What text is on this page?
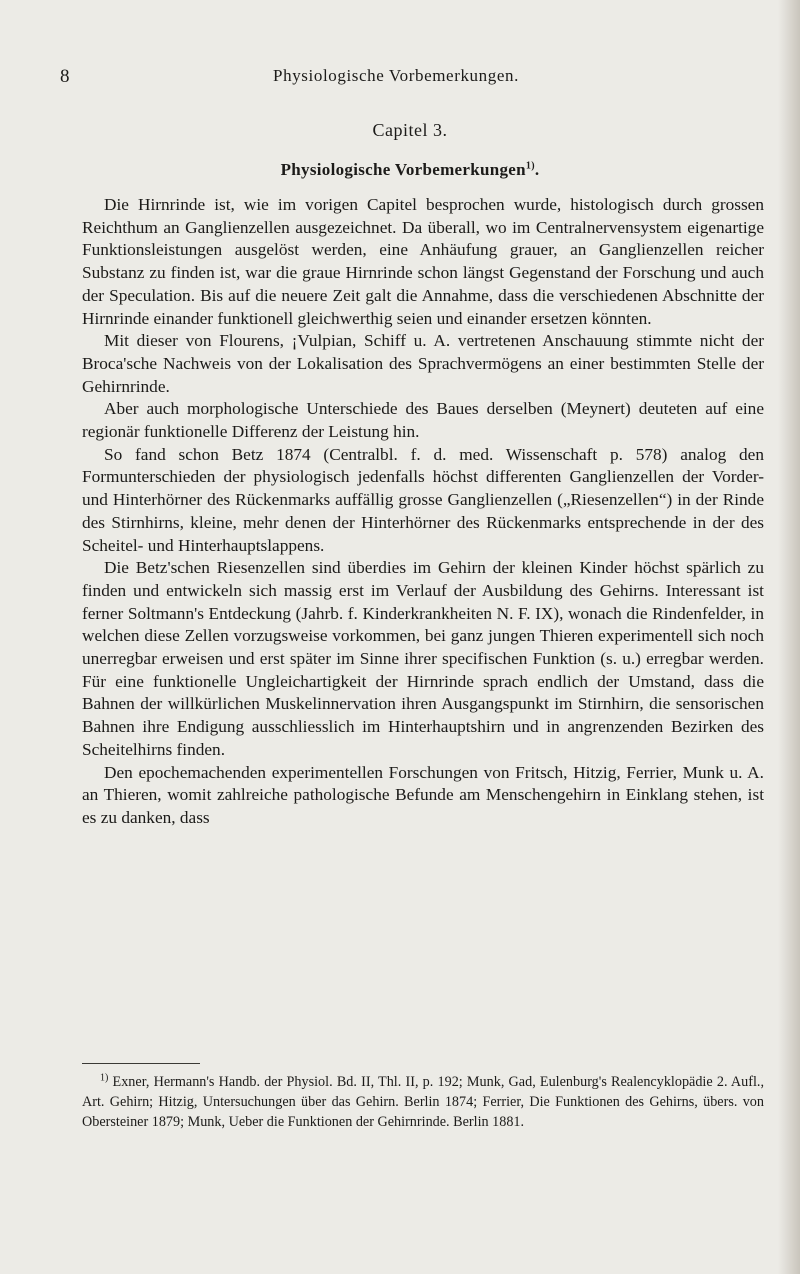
8	Physiologische Vorbemerkungen.
Capitel 3.
Physiologische Vorbemerkungen$^{1)}$.

Die Hirnrinde ist, wie im vorigen Capitel besprochen wurde, histologisch durch grossen Reichthum an Ganglienzellen ausgezeichnet. Da überall, wo im Centralnervensystem eigenartige Funktionsleistungen ausgelöst werden, eine Anhäufung grauer, an Ganglienzellen reicher Substanz zu finden ist, war die graue Hirnrinde schon längst Gegenstand der Forschung und auch der Speculation. Bis auf die neuere Zeit galt die Annahme, dass die verschiedenen Abschnitte der Hirnrinde einander funktionell gleichwerthig seien und einander ersetzen könnten.

Mit dieser von Flourens, ¡Vulpian, Schiff u. A. vertretenen Anschauung stimmte nicht der Broca'sche Nachweis von der Lokalisation des Sprachvermögens an einer bestimmten Stelle der Gehirnrinde.

Aber auch morphologische Unterschiede des Baues derselben (Meynert) deuteten auf eine regionär funktionelle Differenz der Leistung hin.

So fand schon Betz 1874 (Centralbl. f. d. med. Wissenschaft p. 578) analog den Formunterschieden der physiologisch jedenfalls höchst differenten Ganglienzellen der Vorder- und Hinterhörner des Rückenmarks auffällig grosse Ganglienzellen („Riesenzellen“) in der Rinde des Stirnhirns, kleine, mehr denen der Hinterhörner des Rückenmarks entsprechende in der des Scheitel- und Hinterhauptslappens.

Die Betz'schen Riesenzellen sind überdies im Gehirn der kleinen Kinder höchst spärlich zu finden und entwickeln sich massig erst im Verlauf der Ausbildung des Gehirns. Interessant ist ferner Soltmann's Entdeckung (Jahrb. f. Kinderkrankheiten N. F. IX), wonach die Rindenfelder, in welchen diese Zellen vorzugsweise vorkommen, bei ganz jungen Thieren experimentell sich noch unerregbar erweisen und erst später im Sinne ihrer specifischen Funktion (s. u.) erregbar werden. Für eine funktionelle Ungleichartigkeit der Hirnrinde sprach endlich der Umstand, dass die Bahnen der willkürlichen Muskelinnervation ihren Ausgangspunkt im Stirnhirn, die sensorischen Bahnen ihre Endigung ausschliesslich im Hinterhauptshirn und in angrenzenden Bezirken des Scheitelhirns finden.

Den epochemachenden experimentellen Forschungen von Fritsch, Hitzig, Ferrier, Munk u. A. an Thieren, womit zahlreiche pathologische Befunde am Menschengehirn in Einklang stehen, ist es zu danken, dass

$^{1)}$ Exner, Hermann's Handb. der Physiol. Bd. II, Thl. II, p. 192; Munk, Gad, Eulenburg's Realencyklopädie 2. Aufl., Art. Gehirn; Hitzig, Untersuchungen über das Gehirn. Berlin 1874; Ferrier, Die Funktionen des Gehirns, übers. von Obersteiner 1879; Munk, Ueber die Funktionen der Gehirnrinde. Berlin 1881.
